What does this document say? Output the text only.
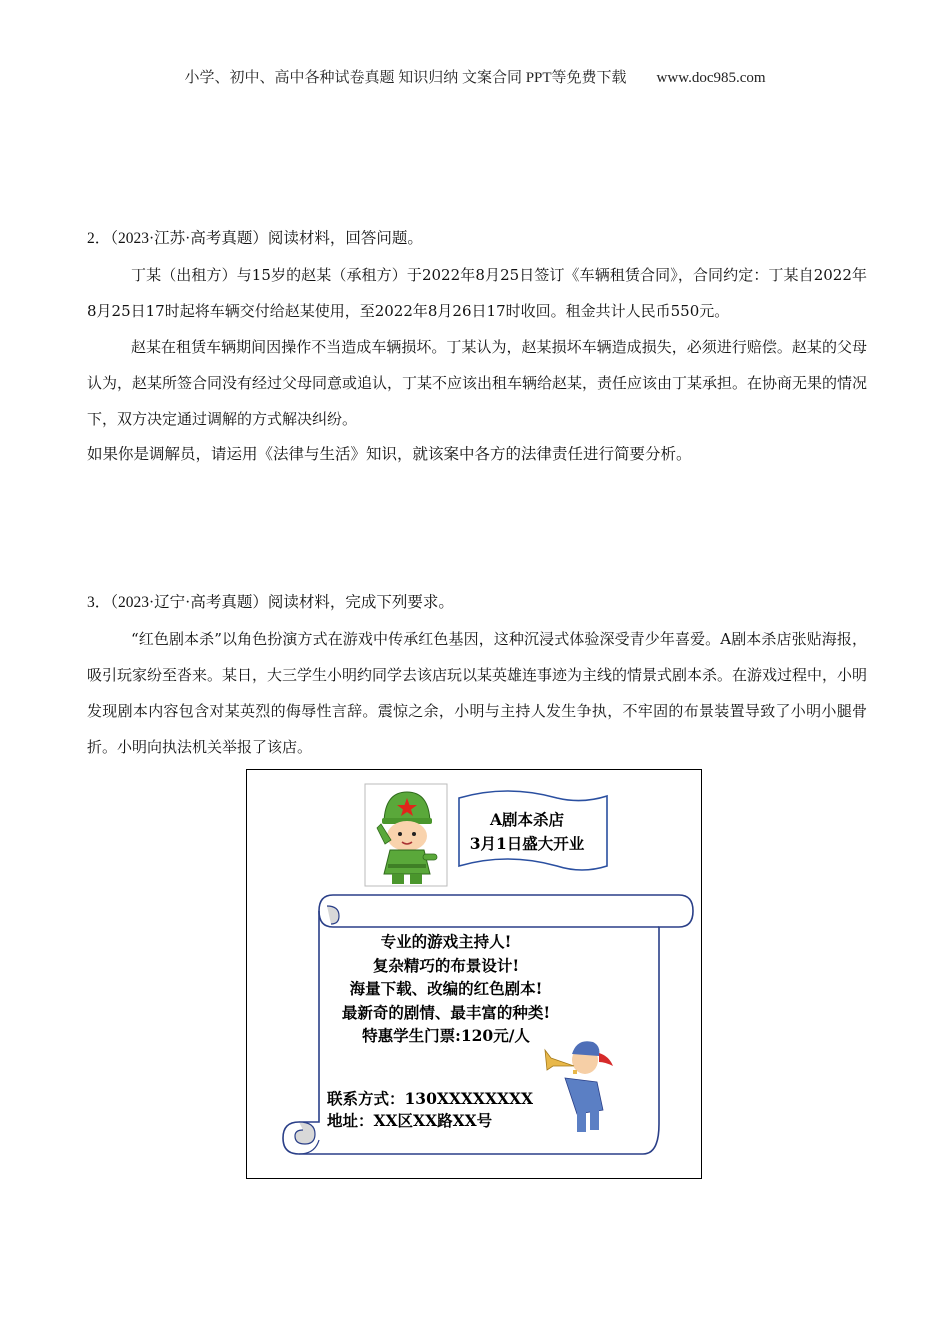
小学、初中、高中各种试卷真题 知识归纳 文案合同 PPT等免费下载 www.doc985.com
2．（2023·江苏·高考真题）阅读材料，回答问题。
丁某（出租方）与15岁的赵某（承租方）于2022年8月25日签订《车辆租赁合同》，合同约定：丁某自2022年8月25日17时起将车辆交付给赵某使用，至2022年8月26日17时收回。租金共计人民币550元。
赵某在租赁车辆期间因操作不当造成车辆损坏。丁某认为，赵某损坏车辆造成损失，必须进行赔偿。赵某的父母认为，赵某所签合同没有经过父母同意或追认，丁某不应该出租车辆给赵某，责任应该由丁某承担。在协商无果的情况下，双方决定通过调解的方式解决纠纷。
如果你是调解员，请运用《法律与生活》知识，就该案中各方的法律责任进行简要分析。
3．（2023·辽宁·高考真题）阅读材料，完成下列要求。
“红色剧本杀”以角色扮演方式在游戏中传承红色基因，这种沉浸式体验深受青少年喜爱。A剧本杀店张贴海报，吸引玩家纷至沓来。某日，大三学生小明约同学去该店玩以某英雄连事迹为主线的情景式剧本杀。在游戏过程中，小明发现剧本内容包含对某英烈的侮辱性言辞。震惊之余，小明与主持人发生争执，不牢固的布景装置导致了小明小腿骨折。小明向执法机关举报了该店。
A剧本杀店
3月1日盛大开业
专业的游戏主持人!
复杂精巧的布景设计!
海量下载、改编的红色剧本!
最新奇的剧情、最丰富的种类!
特惠学生门票:120元/人
联系方式：130XXXXXXXX
地址：XX区XX路XX号
